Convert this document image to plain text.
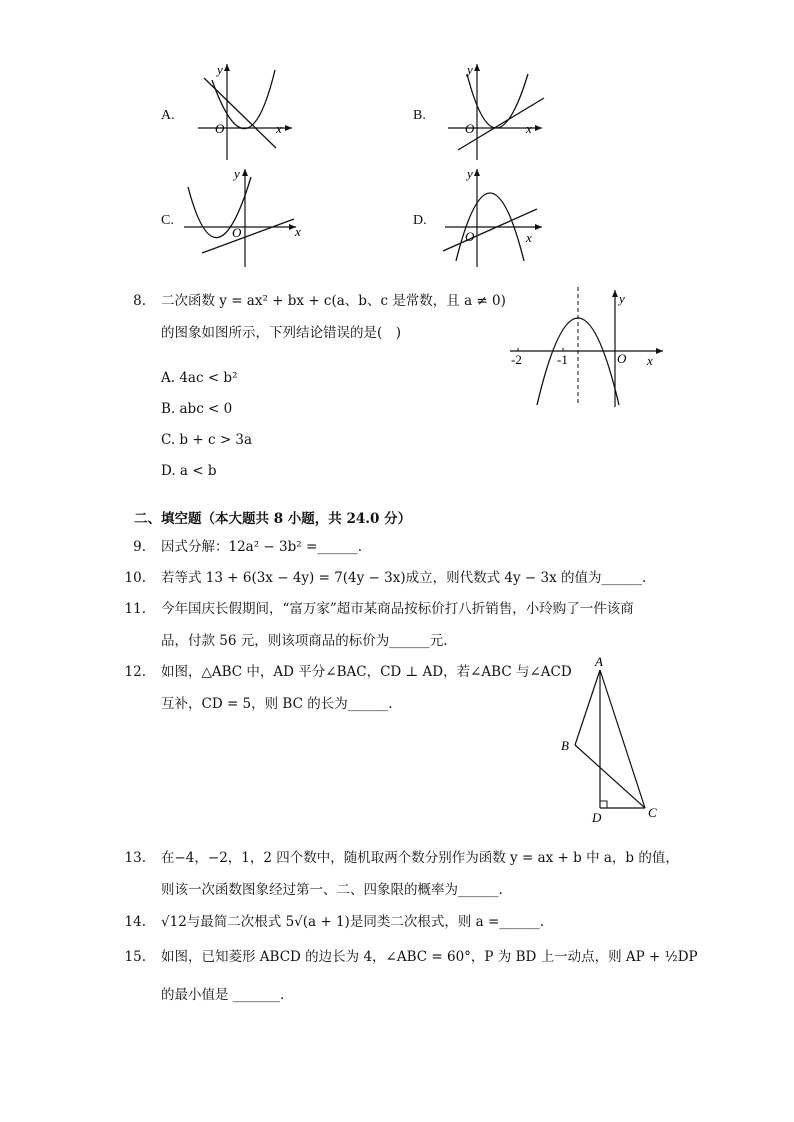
A.
y
x
O
B.
y
x
O
C.
y
x
O
D.
y
x
O
8. 二次函数 y = ax² + bx + c(a、b、c 是常数，且 a ≠ 0)
的图象如图所示，下列结论错误的是(　)
A. 4ac < b²
B. abc < 0
C. b + c > 3a
D. a < b
-2	-1	O x
y
二、填空题（本大题共 8 小题，共 24.0 分）
9. 因式分解：12a² − 3b² =______.
10. 若等式 13 + 6(3x − 4y) = 7(4y − 3x)成立，则代数式 4y − 3x 的值为______.
11. 今年国庆长假期间，“富万家”超市某商品按标价打八折销售，小玲购了一件该商
品，付款 56 元，则该项商品的标价为______元.
12. 如图，△ABC 中，AD 平分∠BAC，CD ⊥ AD，若∠ABC 与∠ACD
互补，CD = 5，则 BC 的长为______.
A
B
C
D
13. 在−4，−2，1，2 四个数中，随机取两个数分别作为函数 y = ax + b 中 a，b 的值，
则该一次函数图象经过第一、二、四象限的概率为______.
14. √12与最简二次根式 5√(a + 1)是同类二次根式，则 a =______.
15. 如图，已知菱形 ABCD 的边长为 4，∠ABC = 60°，P 为 BD 上一动点，则 AP + ½DP
的最小值是 _______.
